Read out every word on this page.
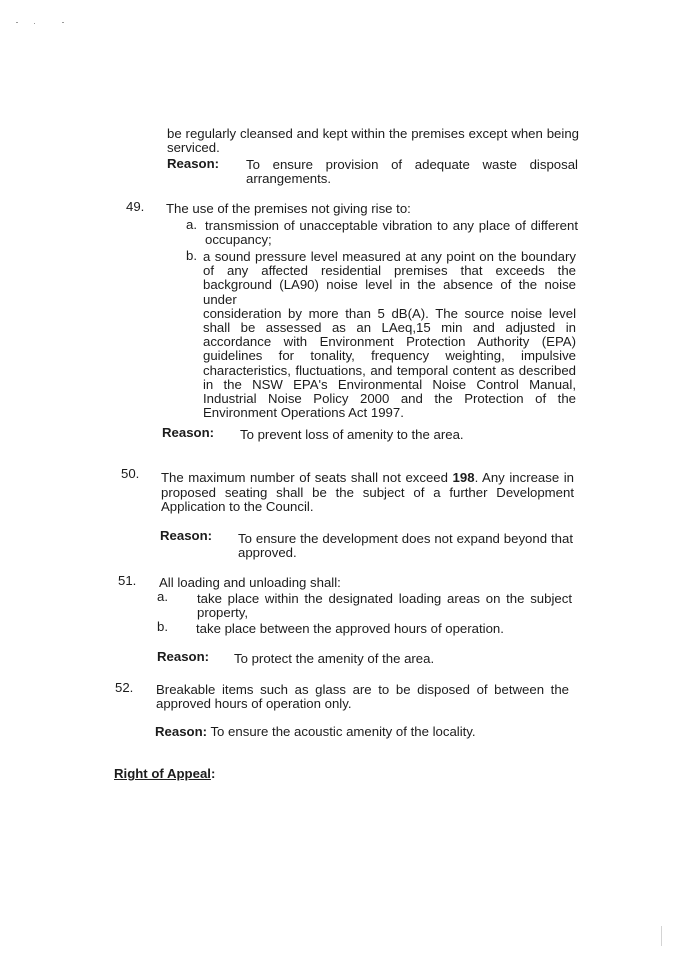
be regularly cleansed and kept within the premises except when being

serviced.

Reason: To ensure provision of adequate waste disposal

arrangements.

49. The use of the premises not giving rise to:

a. transmission of unacceptable vibration to any place of different

occupancy;

b. a sound pressure level measured at any point on the boundary

of any affected residential premises that exceeds the

background (LA90) noise level in the absence of the noise under

consideration by more than 5 dB(A). The source noise level

shall be assessed as an LAeq,15 min and adjusted in

accordance with Environment Protection Authority (EPA)

guidelines for tonality, frequency weighting, impulsive

characteristics, fluctuations, and temporal content as described

in the NSW EPA's Environmental Noise Control Manual,

Industrial Noise Policy 2000 and the Protection of the

Environment Operations Act 1997.

Reason: To prevent loss of amenity to the area.

50. The maximum number of seats shall not exceed 198. Any increase in

proposed seating shall be the subject of a further Development

Application to the Council.

Reason: To ensure the development does not expand beyond that

approved.

51. All loading and unloading shall:

a. take place within the designated loading areas on the subject

property,

b. take place between the approved hours of operation.

Reason: To protect the amenity of the area.

52. Breakable items such as glass are to be disposed of between the

approved hours of operation only.

Reason: To ensure the acoustic amenity of the locality.

Right of Appeal:
